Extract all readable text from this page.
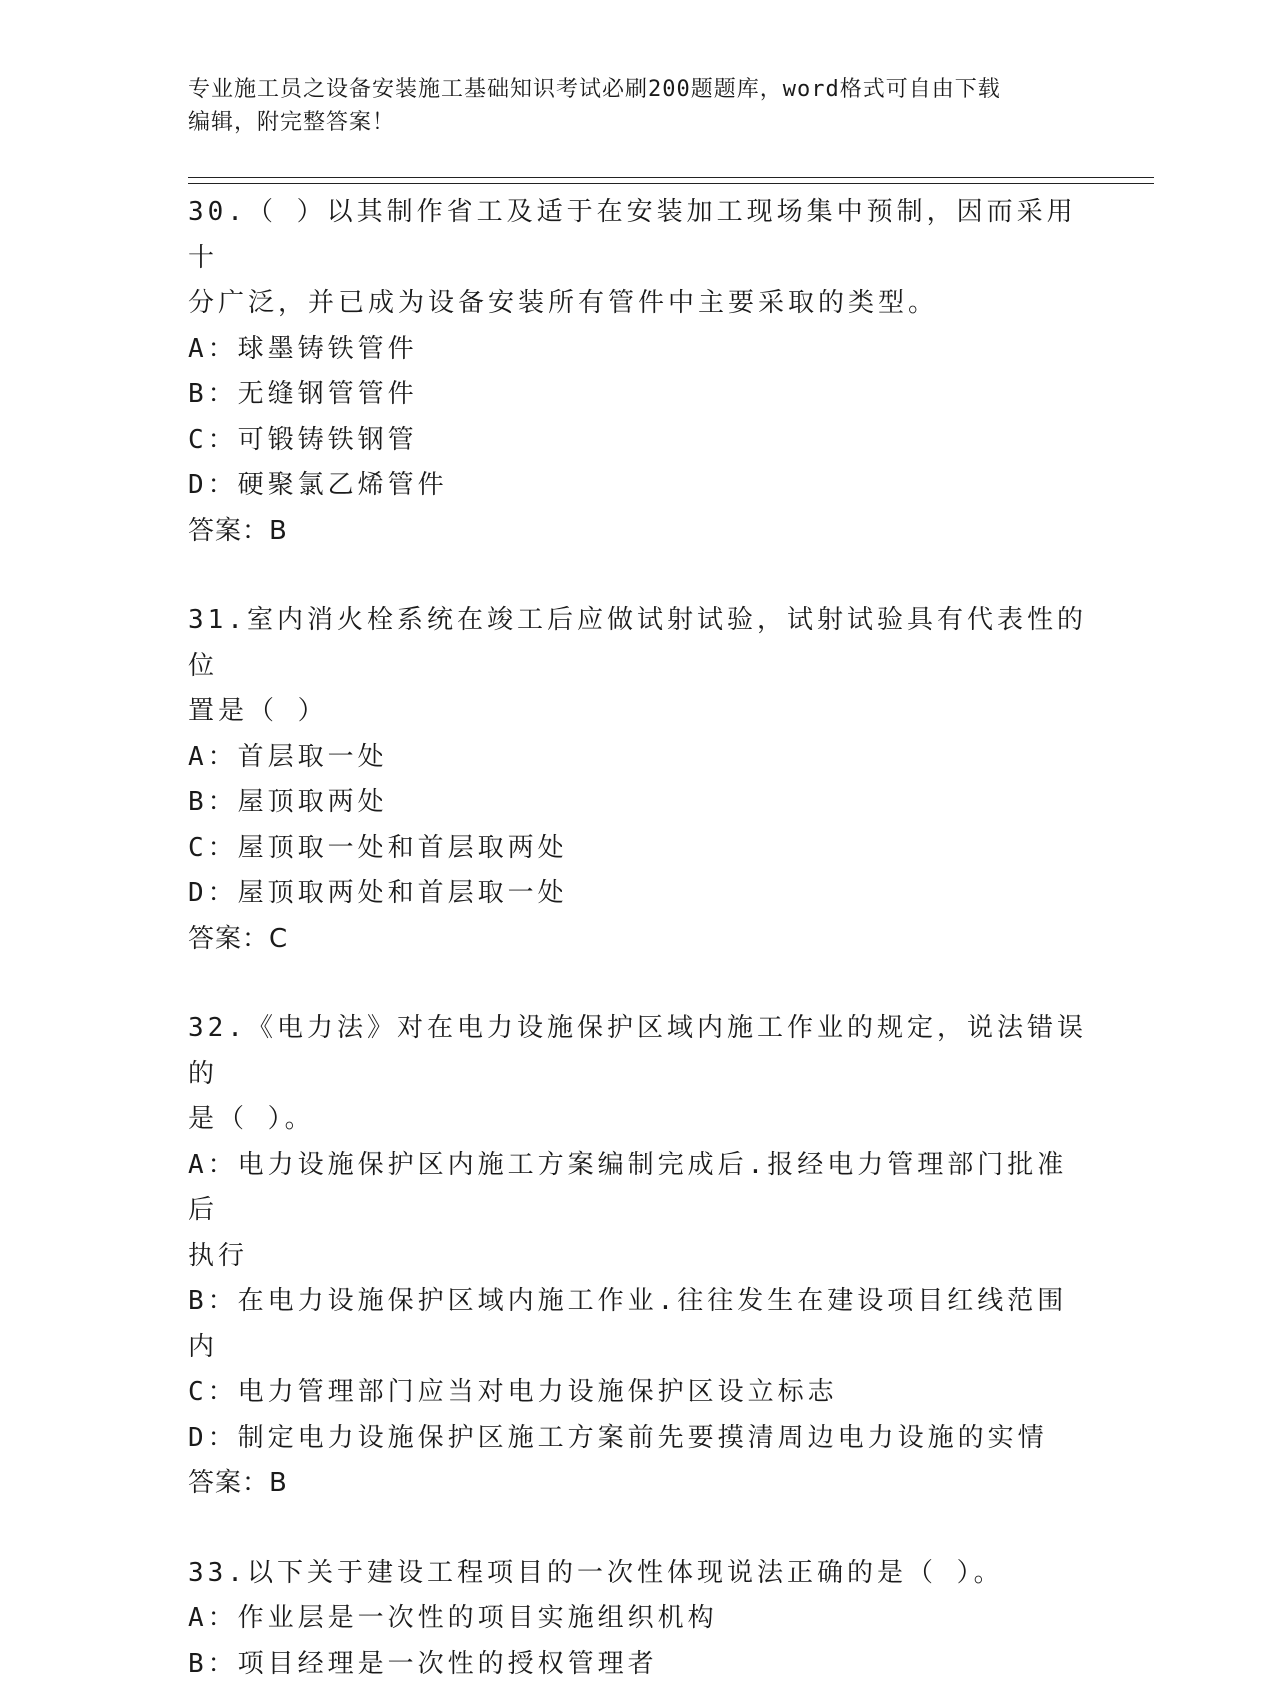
专业施工员之设备安装施工基础知识考试必刷200题题库，word格式可自由下载
编辑，附完整答案！
30.（ ）以其制作省工及适于在安装加工现场集中预制，因而采用十
分广泛，并已成为设备安装所有管件中主要采取的类型。
A：球墨铸铁管件
B：无缝钢管管件
C：可锻铸铁钢管
D：硬聚氯乙烯管件
答案：B
31.室内消火栓系统在竣工后应做试射试验，试射试验具有代表性的位
置是（ ）
A：首层取一处
B：屋顶取两处
C：屋顶取一处和首层取两处
D：屋顶取两处和首层取一处
答案：C
32.《电力法》对在电力设施保护区域内施工作业的规定，说法错误的
是（ ）。
A：电力设施保护区内施工方案编制完成后.报经电力管理部门批准后
执行
B：在电力设施保护区域内施工作业.往往发生在建设项目红线范围内
C：电力管理部门应当对电力设施保护区设立标志
D：制定电力设施保护区施工方案前先要摸清周边电力设施的实情
答案：B
33.以下关于建设工程项目的一次性体现说法正确的是（ ）。
A：作业层是一次性的项目实施组织机构
B：项目经理是一次性的授权管理者
